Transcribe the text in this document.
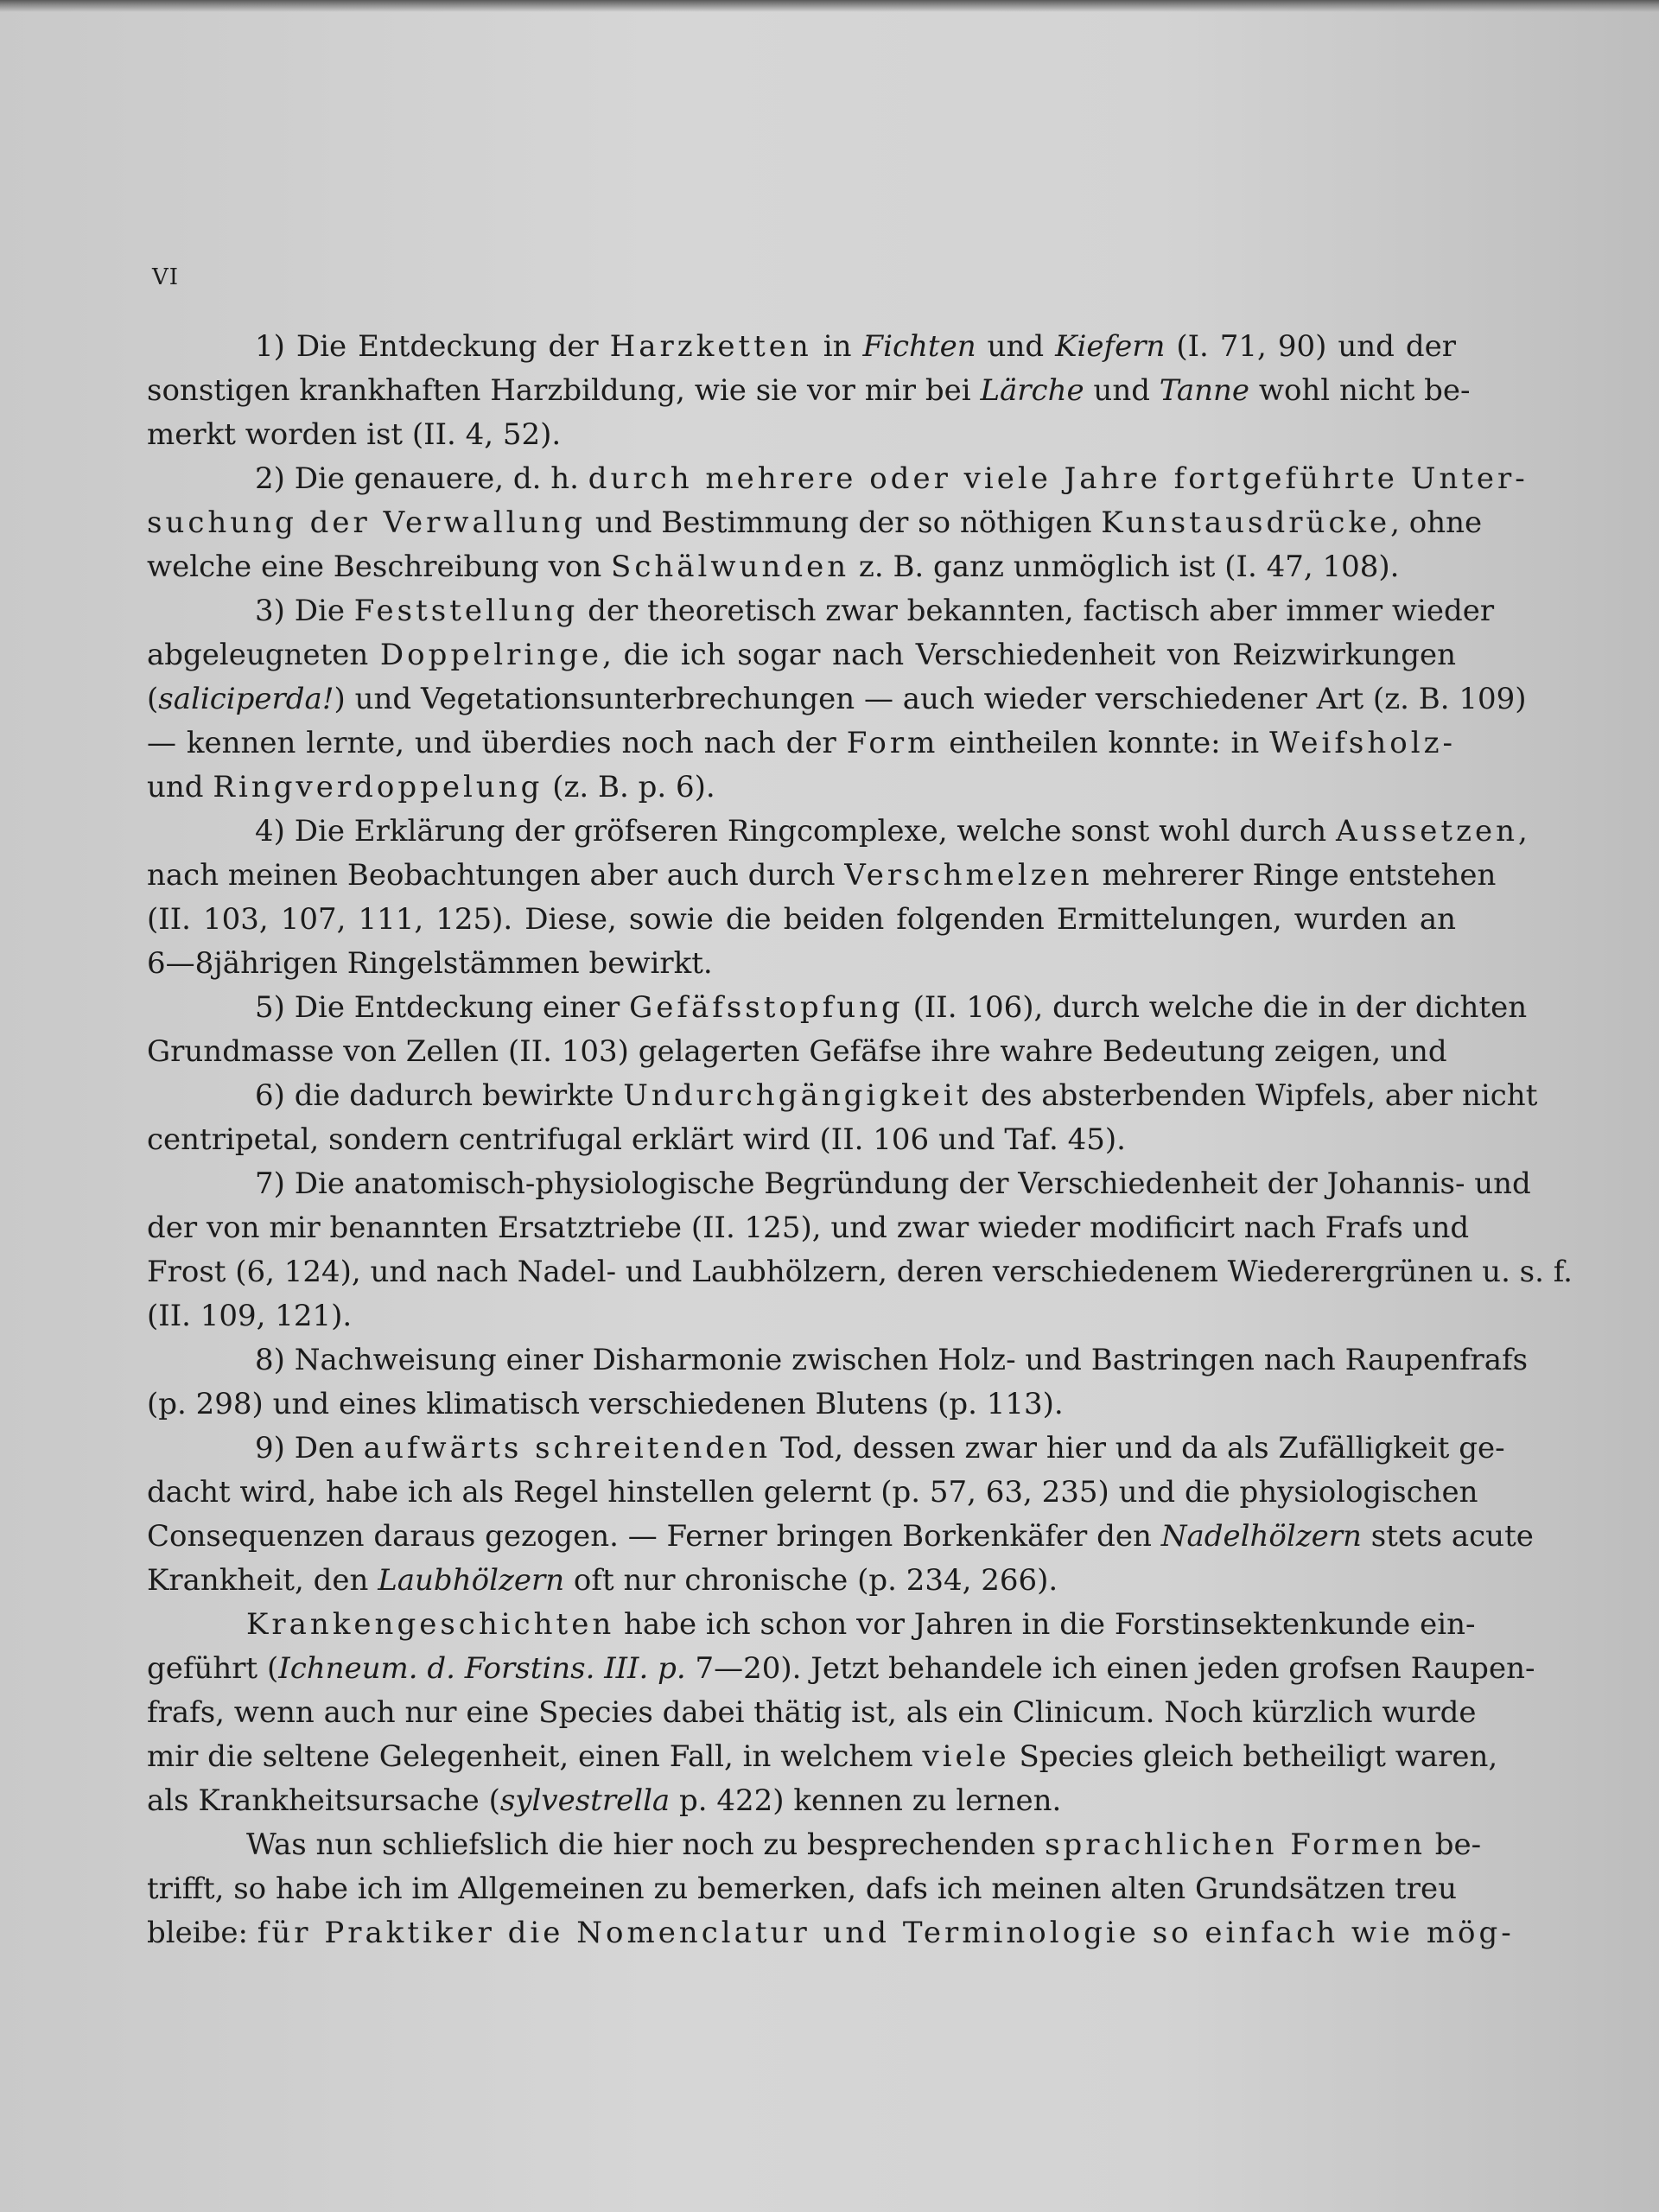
VI
1) Die Entdeckung der Harzketten in Fichten und Kiefern (I. 71, 90) und der
sonstigen krankhaften Harzbildung, wie sie vor mir bei Lärche und Tanne wohl nicht be-
merkt worden ist (II. 4, 52).
2) Die genauere, d. h. durch mehrere oder viele Jahre fortgeführte Unter-
suchung der Verwallung und Bestimmung der so nöthigen Kunstausdrücke, ohne
welche eine Beschreibung von Schälwunden z. B. ganz unmöglich ist (I. 47, 108).
3) Die Feststellung der theoretisch zwar bekannten, factisch aber immer wieder
abgeleugneten Doppelringe, die ich sogar nach Verschiedenheit von Reizwirkungen
(saliciperda!) und Vegetationsunterbrechungen — auch wieder verschiedener Art (z. B. 109)
— kennen lernte, und überdies noch nach der Form eintheilen konnte: in Weifsholz-
und Ringverdoppelung (z. B. p. 6).
4) Die Erklärung der gröfseren Ringcomplexe, welche sonst wohl durch Aussetzen,
nach meinen Beobachtungen aber auch durch Verschmelzen mehrerer Ringe entstehen
(II. 103, 107, 111, 125). Diese, sowie die beiden folgenden Ermittelungen, wurden an
6—8jährigen Ringelstämmen bewirkt.
5) Die Entdeckung einer Gefäfsstopfung (II. 106), durch welche die in der dichten
Grundmasse von Zellen (II. 103) gelagerten Gefäfse ihre wahre Bedeutung zeigen, und
6) die dadurch bewirkte Undurchgängigkeit des absterbenden Wipfels, aber nicht
centripetal, sondern centrifugal erklärt wird (II. 106 und Taf. 45).
7) Die anatomisch-physiologische Begründung der Verschiedenheit der Johannis- und
der von mir benannten Ersatztriebe (II. 125), und zwar wieder modificirt nach Frafs und
Frost (6, 124), und nach Nadel- und Laubhölzern, deren verschiedenem Wiederergrünen u. s. f.
(II. 109, 121).
8) Nachweisung einer Disharmonie zwischen Holz- und Bastringen nach Raupenfrafs
(p. 298) und eines klimatisch verschiedenen Blutens (p. 113).
9) Den aufwärts schreitenden Tod, dessen zwar hier und da als Zufälligkeit ge-
dacht wird, habe ich als Regel hinstellen gelernt (p. 57, 63, 235) und die physiologischen
Consequenzen daraus gezogen. — Ferner bringen Borkenkäfer den Nadelhölzern stets acute
Krankheit, den Laubhölzern oft nur chronische (p. 234, 266).
Krankengeschichten habe ich schon vor Jahren in die Forstinsektenkunde ein-
geführt (Ichneum. d. Forstins. III. p. 7—20). Jetzt behandele ich einen jeden grofsen Raupen-
frafs, wenn auch nur eine Species dabei thätig ist, als ein Clinicum. Noch kürzlich wurde
mir die seltene Gelegenheit, einen Fall, in welchem viele Species gleich betheiligt waren,
als Krankheitsursache (sylvestrella p. 422) kennen zu lernen.
Was nun schliefslich die hier noch zu besprechenden sprachlichen Formen be-
trifft, so habe ich im Allgemeinen zu bemerken, dafs ich meinen alten Grundsätzen treu
bleibe: für Praktiker die Nomenclatur und Terminologie so einfach wie mög-
